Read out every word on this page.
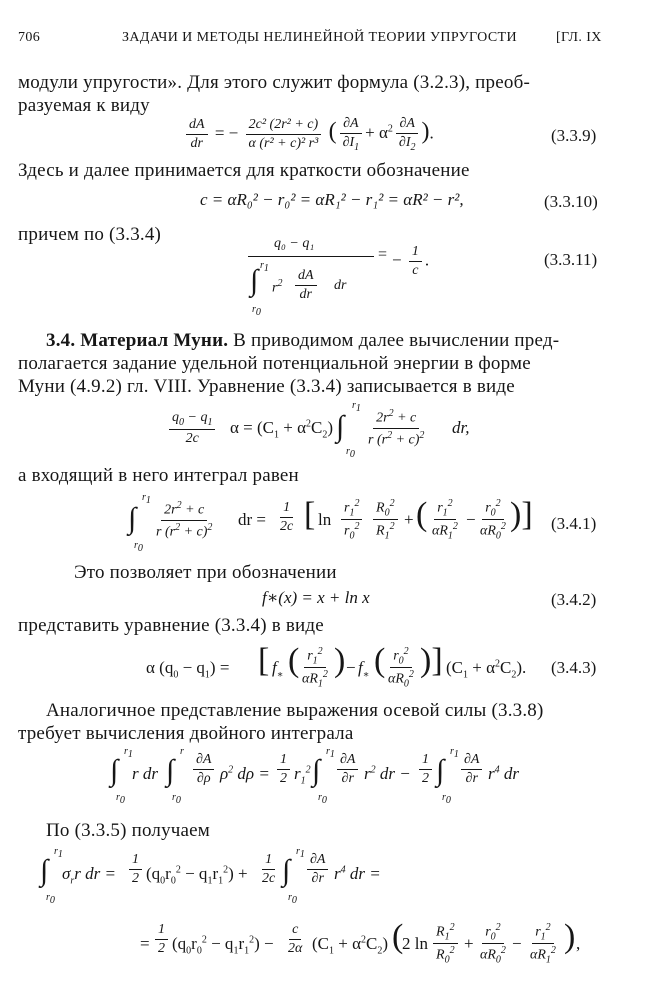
706	ЗАДАЧИ И МЕТОДЫ НЕЛИНЕЙНОЙ ТЕОРИИ УПРУГОСТИ	[ГЛ. IX
модули упругости». Для этого служит формула (3.2.3), преоб-
разуемая к виду
$\frac{dA}{dr}$ = − $\frac{\text{2c² (2r² + c)}}{\text{α (r² + c)² r³}}$ ( $\frac{\partial A}{\partial I_1} + \alpha^2 \frac{\partial A}{\partial I_2}$ ).	(3.3.9)
Здесь и далее принимается для краткости обозначение
c = αR₀² − r₀² = αR₁² − r₁² = αR² − r²,	(3.3.10)
причем по (3.3.4)	q₀ − q₁
∫ $r_1$
$r_0$
$r^2 \frac{dA}{dr}$ dr
= − $\frac{1}{c}$ .	(3.3.11)
3.4. Материал Муни. В приводимом далее вычислении пред-
полагается задание удельной потенциальной энергии в форме
Муни (4.9.2) гл. VIII. Уравнение (3.3.4) записывается в виде
$\frac{q_0 - q_1}{2c}$ $\alpha = (C_1 + \alpha^2C_2)$ ∫
$r_1$
$r_0$
$\frac{2r^2 + c}{r (r^2 + c)^2}$ dr,
а входящий в него интеграл равен
∫
$r_1$
$r_0$
$\frac{2r^2 + c}{r (r^2 + c)^2}$ dr = $\frac{1}{2c}$ [ $\ln \frac{r_1^2}{r_0^2} \frac{R_0^2}{R_1^2}$ + ( $\frac{r_1^2}{\alpha R_1^2} - \frac{r_0^2}{\alpha R_0^2}$ )] (3.4.1)
Это позволяет при обозначении
f∗(x) = x + ln x	(3.4.2)
представить уравнение (3.3.4) в виде
α $(q_0 - q_1)$ = [ $f_∗$ ( $\frac{r_1^2}{\alpha R_1^2}$ ) − $f_∗$ ( $\frac{r_0^2}{\alpha R_0^2}$ )] $(C_1 + \alpha^2C_2)$. (3.4.3)
Аналогичное представление выражения осевой силы (3.3.8)
требует вычисления двойного интеграла
∫
$r_1$
$r_0$
r dr ∫
r
$r_0$
$\frac{\partial A}{\partial\rho} \rho^2$ $d\rho = \frac{1}{2} r_1^2$ ∫
$r_1$
$r_0$
$\frac{\partial A}{\partial r} r^2$ dr − $\frac{1}{2}$ ∫
$r_1$
$r_0$
$\frac{\partial A}{\partial r} r^4$ dr
По (3.3.5) получаем
∫
$r_1$
$r_0$
$\sigma_rr$ dr = $\frac{1}{2} (q_0r_0^2 - q_1r_1^2) + \frac{1}{2c}$ ∫
$r_1$
$r_0$
$\frac{\partial A}{\partial r} r^4$ dr =
= $\frac{1}{2} (q_0r_0^2 - q_1r_1^2) - \frac{c}{2\alpha} (C_1 + \alpha^2C_2)$ (
2 $\ln \frac{R_1^2}{R_0^2} + \frac{r_0^2}{\alpha R_0^2} - \frac{r_1^2}{\alpha R_1^2}$ ) ,
